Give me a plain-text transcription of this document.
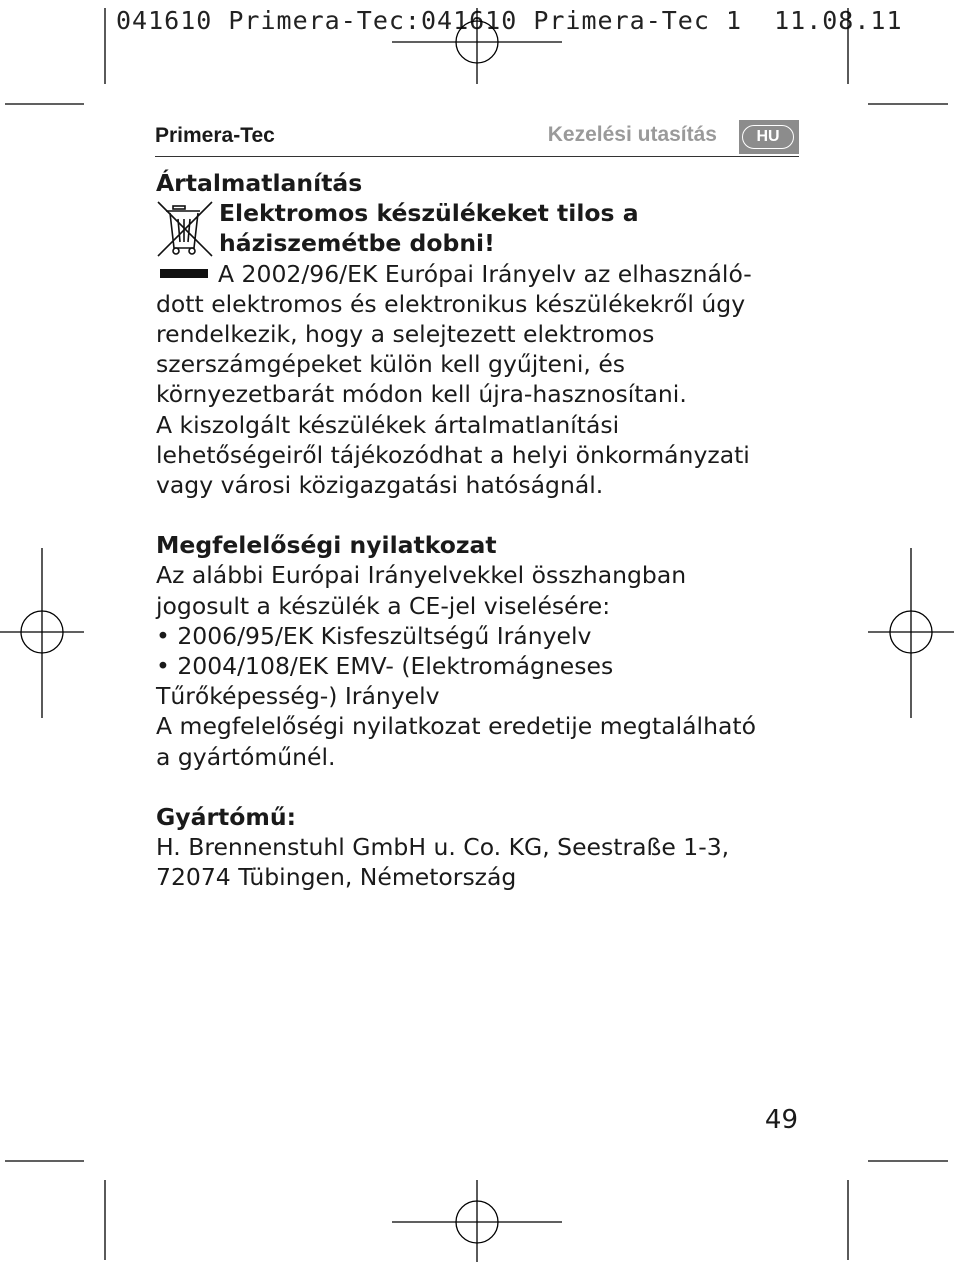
041610 Primera-Tec:041610 Primera-Tec 1  11.08.11
Primera-Tec	Kezelési utasítás	HU
Ártalmatlanítás
Elektromos készülékeket tilos a háziszemétbe dobni!
A 2002/96/EK Európai Irányelv az elhasználó-
dott elektromos és elektronikus készülékekről úgy
rendelkezik, hogy a selejtezett elektromos
szerszámgépeket külön kell gyűjteni, és
környezetbarát módon kell újra-hasznosítani.
A kiszolgált készülékek ártalmatlanítási
lehetőségeiről tájékozódhat a helyi önkormányzati
vagy városi közigazgatási hatóságnál.
Megfelelőségi nyilatkozat
Az alábbi Európai Irányelvekkel összhangban
jogosult a készülék a CE-jel viselésére:
• 2006/95/EK Kisfeszültségű Irányelv
• 2004/108/EK EMV- (Elektromágneses
Tűrőképesség-) Irányelv
A megfelelőségi nyilatkozat eredetije megtalálható
a gyártóműnél.
Gyártómű:
H. Brennenstuhl GmbH u. Co. KG, Seestraße 1-3,
72074 Tübingen, Németország
49
